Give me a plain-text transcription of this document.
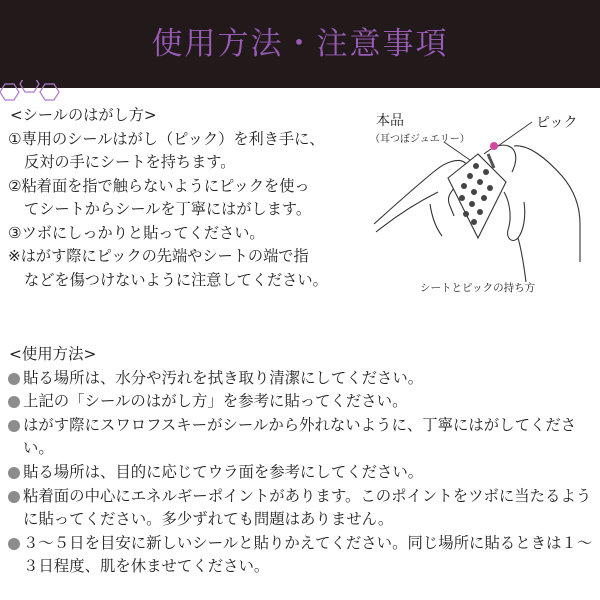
使用方法・注意事項
<シールのはがし方>
①専用のシールはがし（ピック）を利き手に、
反対の手にシートを持ちます。
②粘着面を指で触らないようにピックを使っ
てシートからシールを丁寧にはがします。
③ツボにしっかりと貼ってください。
※はがす際にピックの先端やシートの端で指
などを傷つけないように注意してください。
本品
（耳つぼジュエリー）
ピック
シートとピックの持ち方
<使用方法>
貼る場所は、水分や汚れを拭き取り清潔にしてください。
上記の「シールのはがし方」を参考に貼ってください。
はがす際にスワロフスキーがシールから外れないように、丁寧にはがしてください。
貼る場所は、目的に応じてウラ面を参考にしてください。
粘着面の中心にエネルギーポイントがあります。このポイントをツボに当たるように貼ってください。多少ずれても問題はありません。
３～５日を目安に新しいシールと貼りかえてください。同じ場所に貼るときは１～３日程度、肌を休ませてください。
